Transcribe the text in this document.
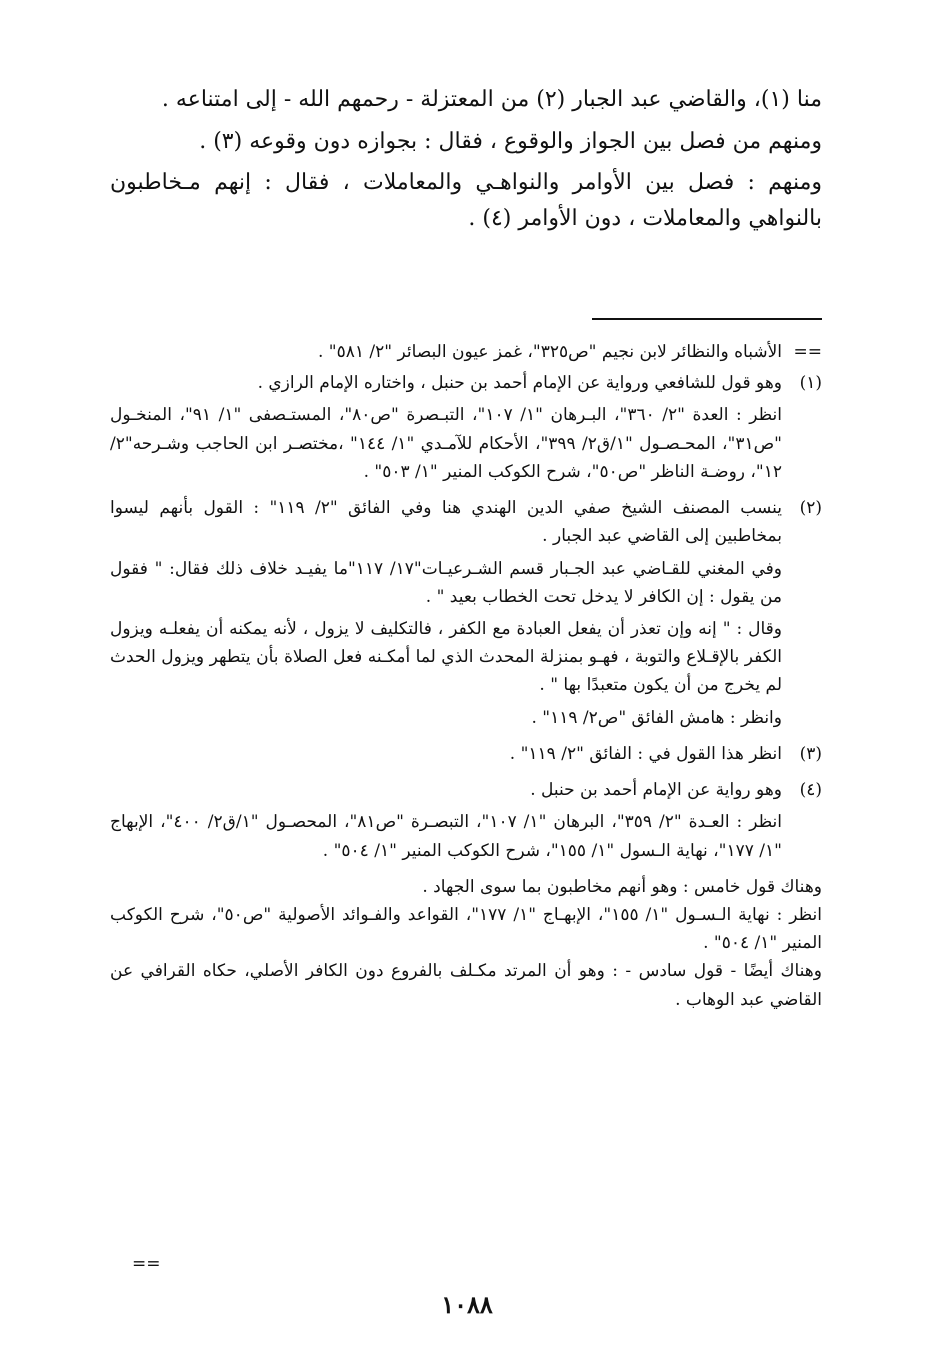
منا (١)، والقاضي عبد الجبار (٢) من المعتزلة - رحمهم الله - إلى امتناعه .

ومنهم من فصل بين الجواز والوقوع ، فقال : بجوازه دون وقوعه (٣) .

ومنهم : فصل بين الأوامر والنواهـي والمعاملات ، فقال : إنهم مـخاطبون بالنواهي والمعاملات ، دون الأوامر (٤) .

==
الأشباه والنظائر لابن نجيم "ص٣٢٥"، غمز عيون البصائر "٢/ ٥٨١" .
(١)

وهو قول للشافعي ورواية عن الإمام أحمد بن حنبل ، واختاره الإمام الرازي .

انظر : العدة "٢/ ٣٦٠"، البـرهان "١/ ١٠٧"، التبـصرة "ص٨٠"، المستـصفى "١/ ٩١"، المنخـول "ص٣١"، المحـصـول "١/ق٢/ ٣٩٩"، الأحكام للآمـدي "١/ ١٤٤" ،مختصـر ابن الحاجب وشـرحه"٢/ ١٢"، روضـة الناظر "ص٥٠"، شرح الكوكب المنير "١/ ٥٠٣" .

(٢)

ينسب المصنف الشيخ صفي الدين الهندي هنا وفي الفائق "٢/ ١١٩" : القول بأنهم ليسوا بمخاطبين إلى القاضي عبد الجبار .

وفي المغني للقـاضي عبد الجـبار قسم الشـرعيـات"١٧/ ١١٧"ما يفيـد خلاف ذلك فقال: " فقول من يقول : إن الكافر لا يدخل تحت الخطاب بعيد " .

وقال : " إنه وإن تعذر أن يفعل العبادة مع الكفر ، فالتكليف لا يزول ، لأنه يمكنه أن يفعلـه ويزول الكفر بالإقـلاع والتوبة ، فهـو بمنزلة المحدث الذي لما أمكـنه فعل الصلاة بأن يتطهر ويزول الحدث لم يخرج من أن يكون متعبدًا بها " .

وانظر : هامش الفائق "ص٢/ ١١٩" .

(٣)

انظر هذا القول في : الفائق "٢/ ١١٩" .

(٤)

وهو رواية عن الإمام أحمد بن حنبل .

انظر : العـدة "٢/ ٣٥٩"، البرهان "١/ ١٠٧"، التبصـرة "ص٨١"، المحصـول "١/ق٢/ ٤٠٠"، الإبهاج "١/ ١٧٧"، نهاية الـسول "١/ ١٥٥"، شرح الكوكب المنير "١/ ٥٠٤" .

وهناك قول خامس : وهو أنهم مخاطبون بما سوى الجهاد .

انظر : نهاية الـسـول "١/ ١٥٥"، الإبهـاج "١/ ١٧٧"، القواعد والفـوائد الأصولية "ص٥٠"، شرح الكوكب المنير "١/ ٥٠٤" .

وهناك أيضًا - قول سادس - : وهو أن المرتد مكـلف بالفروع دون الكافر الأصلي، حكاه القرافي عن القاضي عبد الوهاب .

==
١٠٨٨
